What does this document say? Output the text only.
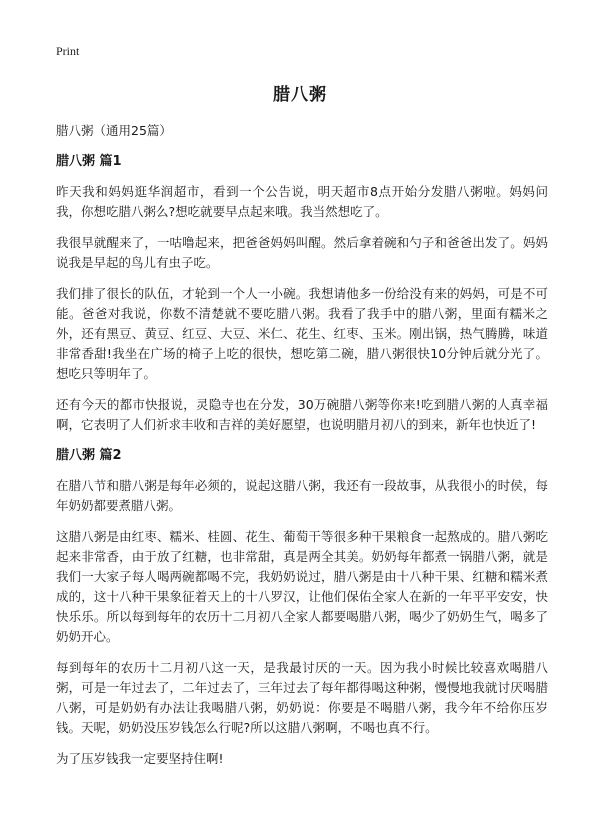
Print
腊八粥

腊八粥（通用25篇）

腊八粥 篇1

昨天我和妈妈逛华润超市，看到一个公告说，明天超市8点开始分发腊八粥啦。妈妈问我，你想吃腊八粥么?想吃就要早点起来哦。我当然想吃了。

我很早就醒来了，一咕噜起来，把爸爸妈妈叫醒。然后拿着碗和勺子和爸爸出发了。妈妈说我是早起的鸟儿有虫子吃。

我们排了很长的队伍，才轮到一个人一小碗。我想请他多一份给没有来的妈妈，可是不可能。爸爸对我说，你数不清楚就不要吃腊八粥。我看了我手中的腊八粥，里面有糯米之外，还有黑豆、黄豆、红豆、大豆、米仁、花生、红枣、玉米。刚出锅，热气腾腾，味道非常香甜!我坐在广场的椅子上吃的很快，想吃第二碗，腊八粥很快10分钟后就分光了。想吃只等明年了。

还有今天的都市快报说，灵隐寺也在分发，30万碗腊八粥等你来!吃到腊八粥的人真幸福啊，它表明了人们祈求丰收和吉祥的美好愿望，也说明腊月初八的到来，新年也快近了!

腊八粥 篇2

在腊八节和腊八粥是每年必须的，说起这腊八粥，我还有一段故事，从我很小的时侯，每年奶奶都要煮腊八粥。

这腊八粥是由红枣、糯米、桂圆、花生、葡萄干等很多种干果粮食一起熬成的。腊八粥吃起来非常香，由于放了红糖，也非常甜，真是两全其美。奶奶每年都煮一锅腊八粥，就是我们一大家子每人喝两碗都喝不完，我奶奶说过，腊八粥是由十八种干果、红糖和糯米煮成的，这十八种干果象征着天上的十八罗汉，让他们保佑全家人在新的一年平平安安，快快乐乐。所以每到每年的农历十二月初八全家人都要喝腊八粥，喝少了奶奶生气，喝多了奶奶开心。

每到每年的农历十二月初八这一天，是我最讨厌的一天。因为我小时候比较喜欢喝腊八粥，可是一年过去了，二年过去了，三年过去了每年都得喝这种粥，慢慢地我就讨厌喝腊八粥，可是奶奶有办法让我喝腊八粥，奶奶说：你要是不喝腊八粥，我今年不给你压岁钱。天呢，奶奶没压岁钱怎么行呢?所以这腊八粥啊，不喝也真不行。

为了压岁钱我一定要坚持住啊!
